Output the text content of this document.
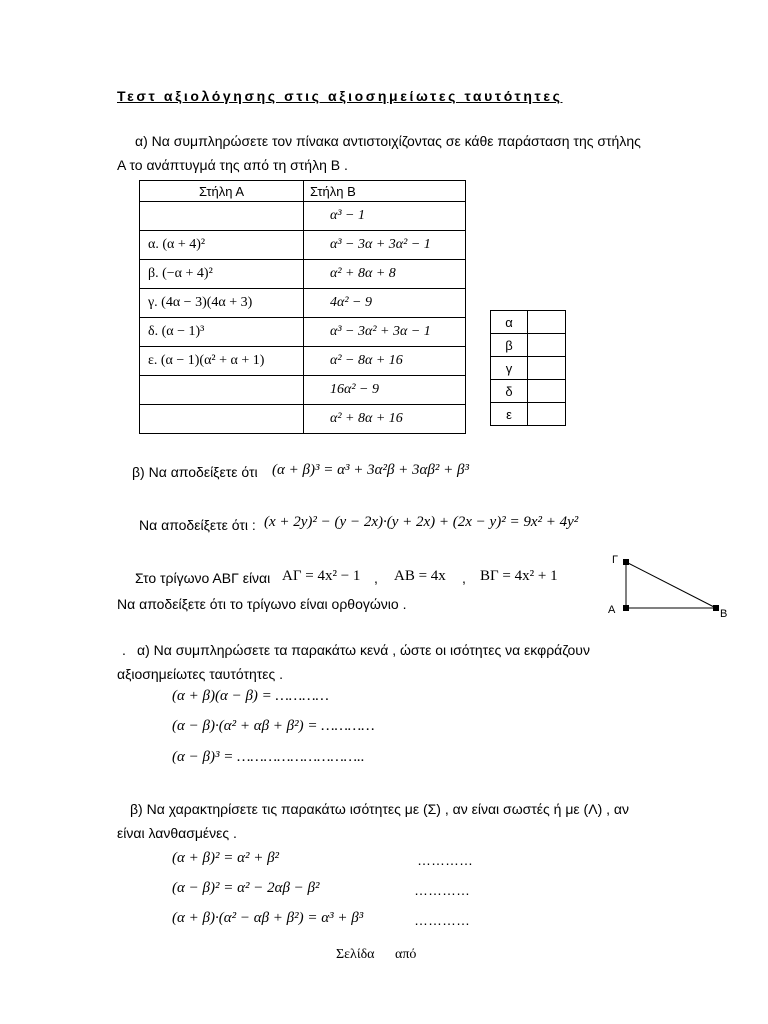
Τεστ αξιολόγησης στις αξιοσημείωτες ταυτότητες
α) Να συμπληρώσετε τον πίνακα αντιστοιχίζοντας σε κάθε παράσταση της στήλης
Α το ανάπτυγμά της από τη στήλη Β .
Στήλη Α	Στήλη Β
	α³ − 1
α. (α + 4)²	α³ − 3α + 3α² − 1
β. (−α + 4)²	α² + 8α + 8
γ. (4α − 3)(4α + 3)	4α² − 9
δ. (α − 1)³	α³ − 3α² + 3α − 1
ε. (α − 1)(α² + α + 1)	α² − 8α + 16
	16α² − 9
	α² + 8α + 16
α	
β	
γ	
δ	
ε	
β) Να αποδείξετε ότι (α + β)³ = α³ + 3α²β + 3αβ² + β³
Να αποδείξετε ότι : (x + 2y)² − (y − 2x)·(y + 2x) + (2x − y)² = 9x² + 4y²
Στο τρίγωνο ΑΒΓ είναι ΑΓ = 4x² − 1 , ΑΒ = 4x , ΒΓ = 4x² + 1
Να αποδείξετε ότι το τρίγωνο είναι ορθογώνιο .
Γ
Α	Β
. α) Να συμπληρώσετε τα παρακάτω κενά , ώστε οι ισότητες να εκφράζουν
αξιοσημείωτες ταυτότητες .
(α + β)(α − β) = …………
(α − β)·(α² + αβ + β²) = …………
(α − β)³ = ………………………..
β) Να χαρακτηρίσετε τις παρακάτω ισότητες με (Σ) , αν είναι σωστές ή με (Λ) , αν
είναι λανθασμένες .
(α + β)² = α² + β²	…………
(α − β)² = α² − 2αβ − β²	…………
(α + β)·(α² − αβ + β²) = α³ + β³	…………
Σελίδα από
